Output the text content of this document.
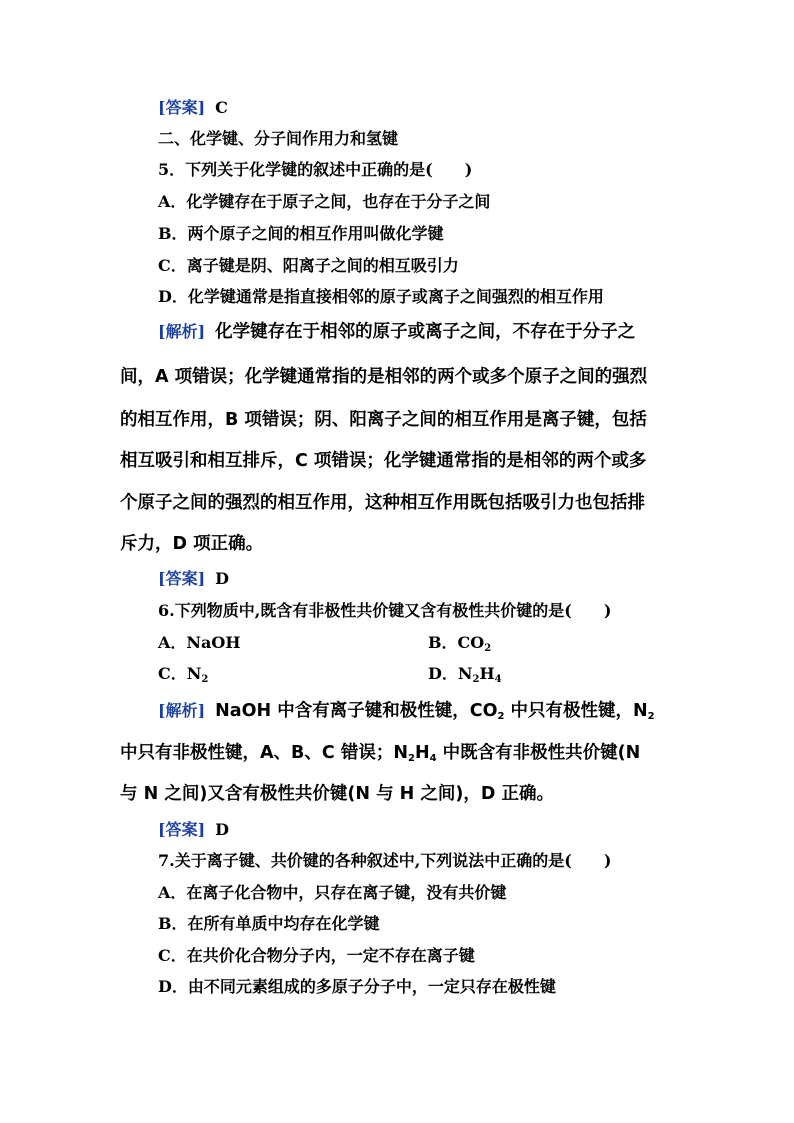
[答案] C
二、化学键、分子间作用力和氢键
5．下列关于化学键的叙述中正确的是(　　)
A．化学键存在于原子之间，也存在于分子之间
B．两个原子之间的相互作用叫做化学键
C．离子键是阴、阳离子之间的相互吸引力
D．化学键通常是指直接相邻的原子或离子之间强烈的相互作用
[解析] 化学键存在于相邻的原子或离子之间，不存在于分子之
间，A 项错误；化学键通常指的是相邻的两个或多个原子之间的强烈
的相互作用，B 项错误；阴、阳离子之间的相互作用是离子键，包括
相互吸引和相互排斥，C 项错误；化学键通常指的是相邻的两个或多
个原子之间的强烈的相互作用，这种相互作用既包括吸引力也包括排
斥力，D 项正确。
[答案] D
6.下列物质中,既含有非极性共价键又含有极性共价键的是(　　)
A．NaOH	B．$CO_2$
C．$N_2$	D．$N_2H_4$
[解析] NaOH 中含有离子键和极性键，$CO_2$ 中只有极性键，$N_2$
中只有非极性键，A、B、C 错误；$N_2H_4$ 中既含有非极性共价键(N
与 N 之间)又含有极性共价键(N 与 H 之间)，D 正确。
[答案] D
7.关于离子键、共价键的各种叙述中,下列说法中正确的是(　　)
A．在离子化合物中，只存在离子键，没有共价键
B．在所有单质中均存在化学键
C．在共价化合物分子内，一定不存在离子键
D．由不同元素组成的多原子分子中，一定只存在极性键
